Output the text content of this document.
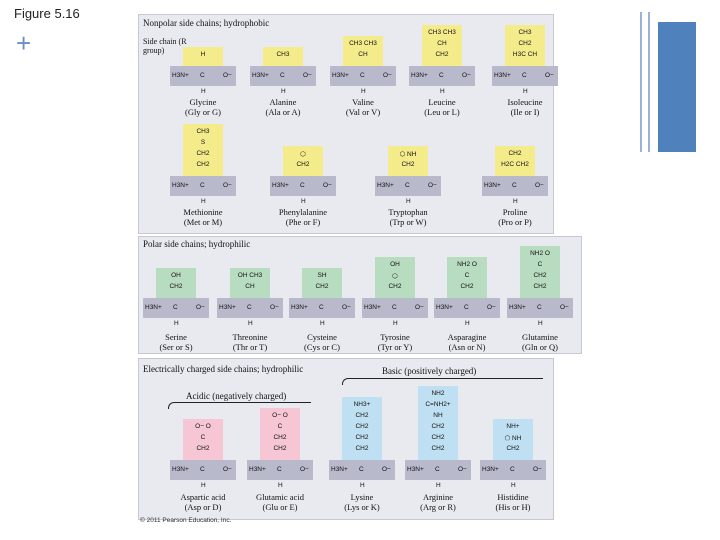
Figure 5.16
+
Nonpolar side chains; hydrophobic
Side chain (R group)
Polar side chains; hydrophilic
Electrically charged side chains; hydrophilic
Acidic (negatively charged)
Basic (positively charged)
H
H3N+ C	O−
H
Glycine
(Gly or G)
CH3
H3N+ C	O−
H
Alanine
(Ala or A)
CH3 CH3
CH
H3N+ C	O−
H
Valine
(Val or V)
CH3 CH3
CH
CH2
H3N+ C	O−
H
Leucine
(Leu or L)
CH3
CH2
H3C CH
H3N+ C	O−
H
Isoleucine
(Ile or I)
CH3
S
CH2
CH2
H3N+ C	O−
H
Methionine
(Met or M)
⬡
CH2
H3N+ C	O−
H
Phenylalanine
(Phe or F)
⬡ NH
CH2
H3N+ C	O−
H
Tryptophan
(Trp or W)
CH2
H2C CH2
H3N+ C	O−
H
Proline
(Pro or P)
OH
CH2
H3N+ C	O−
H
Serine
(Ser or S)
OH CH3
CH
H3N+ C	O−
H
Threonine
(Thr or T)
SH
CH2
H3N+ C	O−
H
Cysteine
(Cys or C)
OH
⬡
CH2
H3N+ C	O−
H
Tyrosine
(Tyr or Y)
NH2 O
C
CH2
H3N+ C	O−
H
Asparagine
(Asn or N)
NH2 O
C
CH2
CH2
H3N+ C	O−
H
Glutamine
(Gln or Q)
O− O
C
CH2
H3N+ C	O−
H
Aspartic acid
(Asp or D)
O− O
C
CH2
CH2
H3N+ C	O−
H
Glutamic acid
(Glu or E)
NH3+
CH2
CH2
CH2
CH2
H3N+ C	O−
H
Lysine
(Lys or K)
NH2
C=NH2+
NH
CH2
CH2
CH2
H3N+ C	O−
H
Arginine
(Arg or R)
NH+
⬠ NH
CH2
H3N+ C	O−
H
Histidine
(His or H)
© 2011 Pearson Education, Inc.
